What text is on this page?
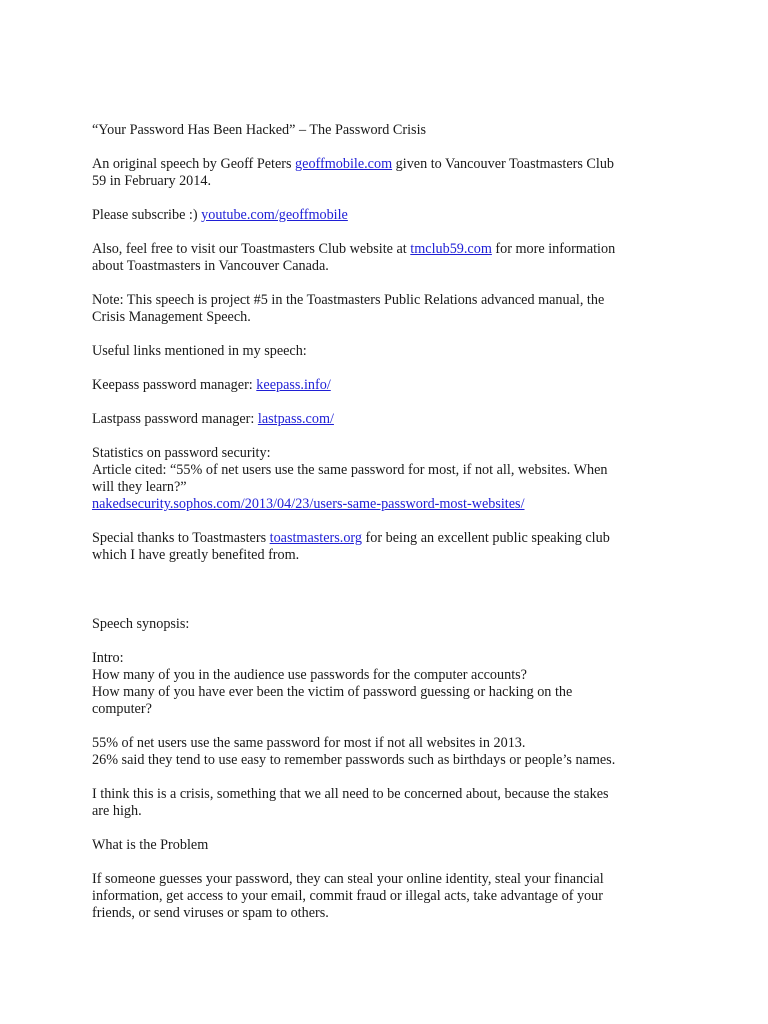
“Your Password Has Been Hacked” – The Password Crisis
An original speech by Geoff Peters geoffmobile.com given to Vancouver Toastmasters Club
59 in February 2014.
Please subscribe :) youtube.com/geoffmobile
Also, feel free to visit our Toastmasters Club website at tmclub59.com for more information
about Toastmasters in Vancouver Canada.
Note: This speech is project #5 in the Toastmasters Public Relations advanced manual, the
Crisis Management Speech.
Useful links mentioned in my speech:
Keepass password manager: keepass.info/
Lastpass password manager: lastpass.com/
Statistics on password security:
Article cited: “55% of net users use the same password for most, if not all, websites. When
will they learn?”
nakedsecurity.sophos.com/2013/04/23/users-same-password-most-websites/
Special thanks to Toastmasters toastmasters.org for being an excellent public speaking club
which I have greatly benefited from.
Speech synopsis:
Intro:
How many of you in the audience use passwords for the computer accounts?
How many of you have ever been the victim of password guessing or hacking on the
computer?
55% of net users use the same password for most if not all websites in 2013.
26% said they tend to use easy to remember passwords such as birthdays or people’s names.
I think this is a crisis, something that we all need to be concerned about, because the stakes
are high.
What is the Problem
If someone guesses your password, they can steal your online identity, steal your financial
information, get access to your email, commit fraud or illegal acts, take advantage of your
friends, or send viruses or spam to others.
